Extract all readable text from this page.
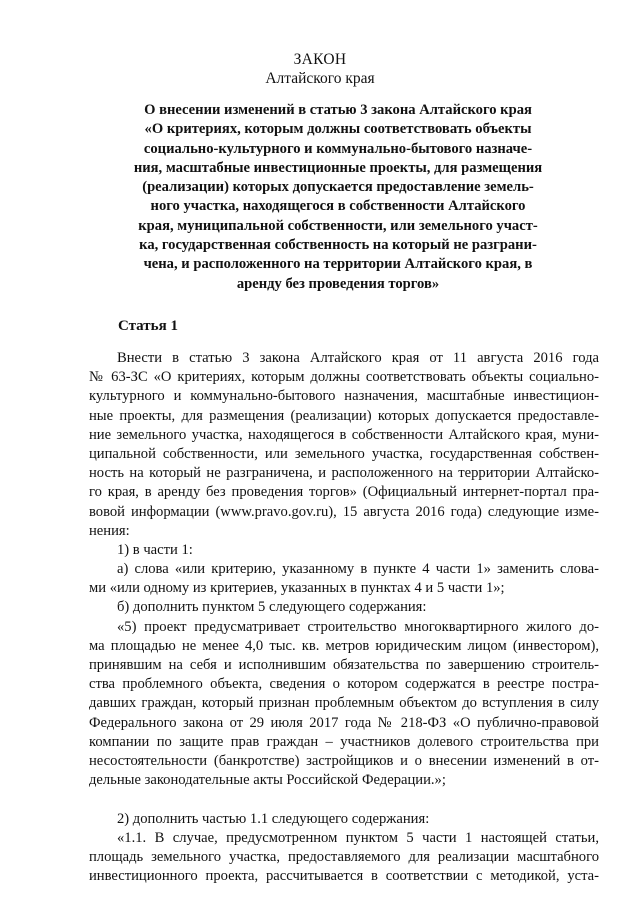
ЗАКОН
Алтайского края
О внесении изменений в статью 3 закона Алтайского края
«О критериях, которым должны соответствовать объекты
социально-культурного и коммунально-бытового назначе-
ния, масштабные инвестиционные проекты, для размещения
(реализации) которых допускается предоставление земель-
ного участка, находящегося в собственности Алтайского
края, муниципальной собственности, или земельного участ-
ка, государственная собственность на который не разграни-
чена, и расположенного на территории Алтайского края, в
аренду без проведения торгов»
Статья 1
Внести в статью 3 закона Алтайского края от 11 августа 2016 года
№ 63-ЗС «О критериях, которым должны соответствовать объекты социально-
культурного и коммунально-бытового назначения, масштабные инвестицион-
ные проекты, для размещения (реализации) которых допускается предоставле-
ние земельного участка, находящегося в собственности Алтайского края, муни-
ципальной собственности, или земельного участка, государственная собствен-
ность на который не разграничена, и расположенного на территории Алтайско-
го края, в аренду без проведения торгов» (Официальный интернет-портал пра-
вовой информации (www.pravo.gov.ru), 15 августа 2016 года) следующие изме-
нения:
1) в части 1:
а) слова «или критерию, указанному в пункте 4 части 1» заменить слова-
ми «или одному из критериев, указанных в пунктах 4 и 5 части 1»;
б) дополнить пунктом 5 следующего содержания:
«5) проект предусматривает строительство многоквартирного жилого до-
ма площадью не менее 4,0 тыс. кв. метров юридическим лицом (инвестором),
принявшим на себя и исполнившим обязательства по завершению строитель-
ства проблемного объекта, сведения о котором содержатся в реестре постра-
давших граждан, который признан проблемным объектом до вступления в силу
Федерального закона от 29 июля 2017 года № 218-ФЗ «О публично-правовой
компании по защите прав граждан – участников долевого строительства при
несостоятельности (банкротстве) застройщиков и о внесении изменений в от-
дельные законодательные акты Российской Федерации.»;
2) дополнить частью 1.1 следующего содержания:
«1.1. В случае, предусмотренном пунктом 5 части 1 настоящей статьи,
площадь земельного участка, предоставляемого для реализации масштабного
инвестиционного проекта, рассчитывается в соответствии с методикой, уста-
